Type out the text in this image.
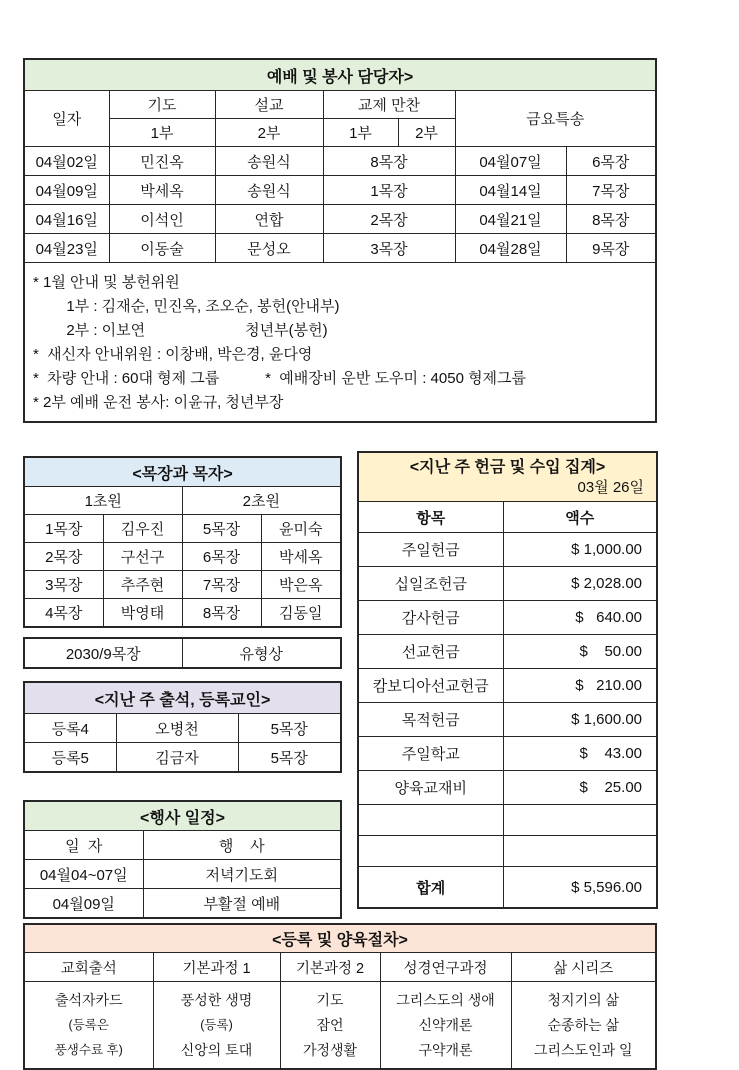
예배 및 봉사 담당자>						
일자	기도	설교	교제 만찬		금요특송	
	1부	2부	1부	2부		
04월02일	민진옥	송원식	8목장		04월07일	6목장
04월09일	박세옥	송원식	1목장		04월14일	7목장
04월16일	이석인	연합	2목장		04월21일	8목장
04월23일	이동술	문성오	3목장		04월28일	9목장

* 1월 안내 및 봉헌위원
1부 : 김재순, 민진옥, 조오순, 봉헌(안내부)
2부 : 이보연                        청년부(봉헌)
*  새신자 안내위원 : 이창배, 박은경, 윤다영
*  차량 안내 : 60대 형제 그룹           *  예배장비 운반 도우미 : 4050 형제그룹
* 2부 예배 운전 봉사: 이윤규, 청년부장
<목장과 목자>			
1초원		2초원	
1목장	김우진	5목장	윤미숙
2목장	구선구	6목장	박세옥
3목장	추주현	7목장	박은옥
4목장	박영태	8목장	김동일
2030/9목장	유형상
<지난 주 출석, 등록교인>		
등록4	오병천	5목장
등록5	김금자	5목장
<행사 일정>	
일  자	행    사
04월04~07일	저녁기도회
04월09일	부활절 예배
<지난 주 헌금 및 수입 집계>
03월 26일	

항목	액수
주일헌금	$ 1,000.00
십일조헌금	$ 2,028.00
감사헌금	$   640.00
선교헌금	$    50.00
캄보디아선교헌금	$   210.00
목적헌금	$ 1,600.00
주일학교	$    43.00
양육교재비	$    25.00

합계	$ 5,596.00
<등록 및 양육절차>				
교회출석	기본과정 1	기본과정 2	성경연구과정	삶 시리즈

출석자카드
(등록은
풍생수료 후)

풍성한 생명
(등록)
신앙의 토대

기도
잠언
가정생활

그리스도의 생애
신약개론
구약개론

청지기의 삶
순종하는 삶
그리스도인과 일
